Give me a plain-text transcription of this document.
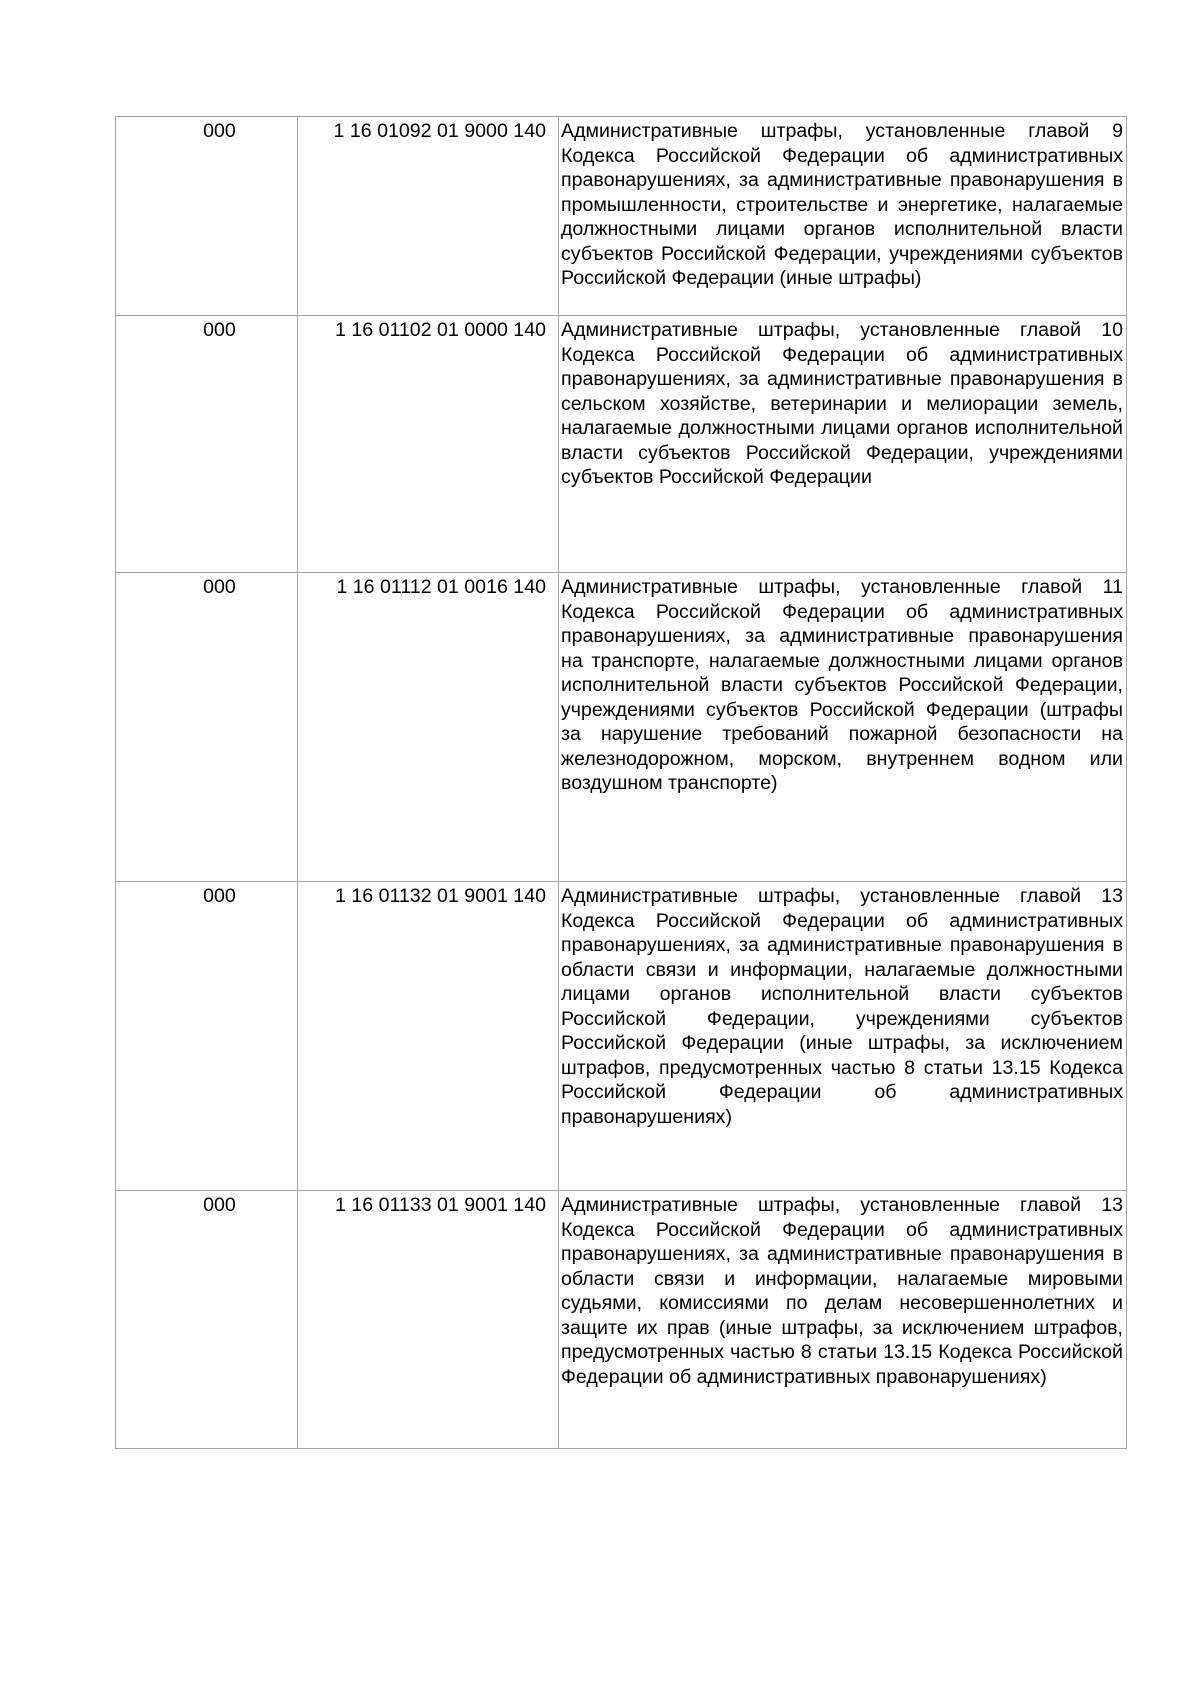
000	1 16 01092 01 9000 140	Административные штрафы, установленные главой 9 Кодекса Российской Федерации об административных правонарушениях, за административные правонарушения в промышленности, строительстве и энергетике, налагаемые должностными лицами органов исполнительной власти субъектов Российской Федерации, учреждениями субъектов Российской Федерации (иные штрафы)
000	1 16 01102 01 0000 140	Административные штрафы, установленные главой 10 Кодекса Российской Федерации об административных правонарушениях, за административные правонарушения в сельском хозяйстве, ветеринарии и мелиорации земель, налагаемые должностными лицами органов исполнительной власти субъектов Российской Федерации, учреждениями субъектов Российской Федерации
000	1 16 01112 01 0016 140	Административные штрафы, установленные главой 11 Кодекса Российской Федерации об административных правонарушениях, за административные правонарушения на транспорте, налагаемые должностными лицами органов исполнительной власти субъектов Российской Федерации, учреждениями субъектов Российской Федерации (штрафы за нарушение требований пожарной безопасности на железнодорожном, морском, внутреннем водном или воздушном транспорте)
000	1 16 01132 01 9001 140	Административные штрафы, установленные главой 13 Кодекса Российской Федерации об административных правонарушениях, за административные правонарушения в области связи и информации, налагаемые должностными лицами органов исполнительной власти субъектов Российской Федерации, учреждениями субъектов Российской Федерации (иные штрафы, за исключением штрафов, предусмотренных частью 8 статьи 13.15 Кодекса Российской Федерации об административных правонарушениях)
000	1 16 01133 01 9001 140	Административные штрафы, установленные главой 13 Кодекса Российской Федерации об административных правонарушениях, за административные правонарушения в области связи и информации, налагаемые мировыми судьями, комиссиями по делам несовершеннолетних и защите их прав (иные штрафы, за исключением штрафов, предусмотренных частью 8 статьи 13.15 Кодекса Российской Федерации об административных правонарушениях)
